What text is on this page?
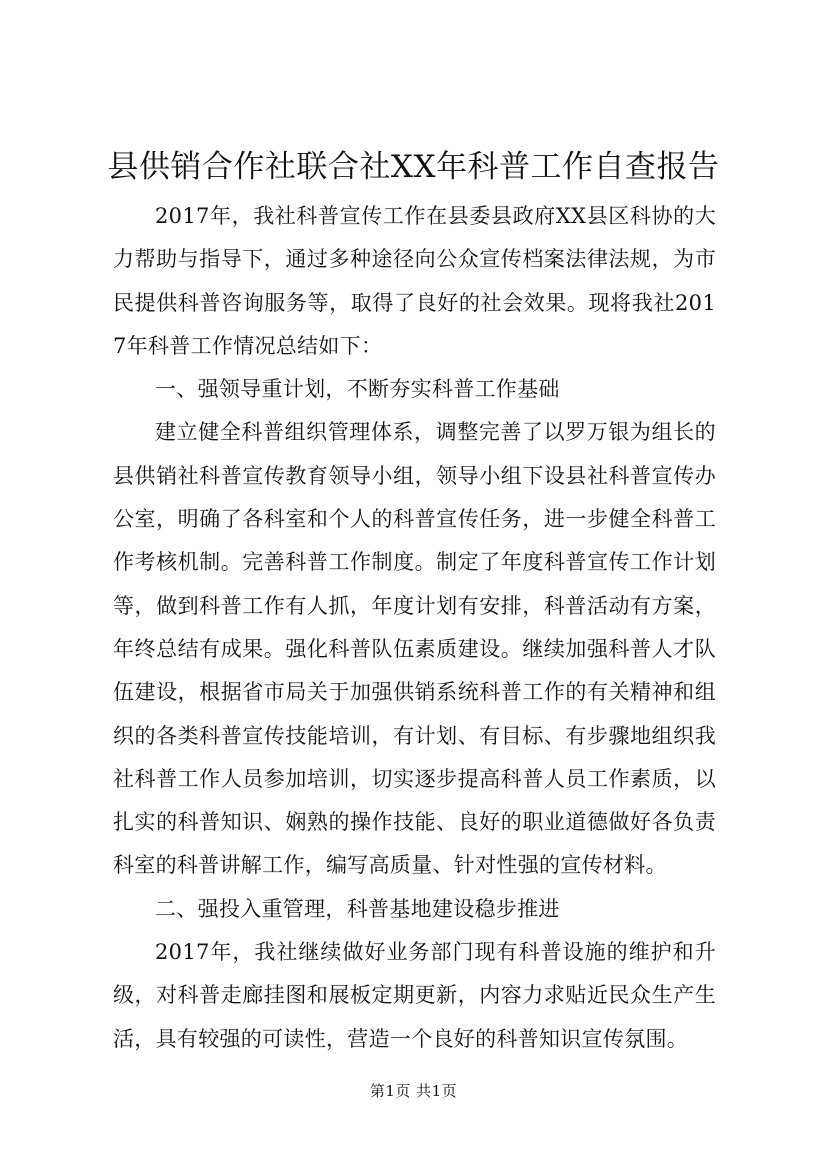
县供销合作社联合社XX年科普工作自查报告

2017年，我社科普宣传工作在县委县政府XX县区科协的大力帮助与指导下，通过多种途径向公众宣传档案法律法规，为市民提供科普咨询服务等，取得了良好的社会效果。现将我社2017年科普工作情况总结如下：

一、强领导重计划，不断夯实科普工作基础

建立健全科普组织管理体系，调整完善了以罗万银为组长的县供销社科普宣传教育领导小组，领导小组下设县社科普宣传办公室，明确了各科室和个人的科普宣传任务，进一步健全科普工作考核机制。完善科普工作制度。制定了年度科普宣传工作计划等，做到科普工作有人抓，年度计划有安排，科普活动有方案，年终总结有成果。强化科普队伍素质建设。继续加强科普人才队伍建设，根据省市局关于加强供销系统科普工作的有关精神和组织的各类科普宣传技能培训，有计划、有目标、有步骤地组织我社科普工作人员参加培训，切实逐步提高科普人员工作素质，以扎实的科普知识、娴熟的操作技能、良好的职业道德做好各负责科室的科普讲解工作，编写高质量、针对性强的宣传材料。

二、强投入重管理，科普基地建设稳步推进

2017年，我社继续做好业务部门现有科普设施的维护和升级，对科普走廊挂图和展板定期更新，内容力求贴近民众生产生活，具有较强的可读性，营造一个良好的科普知识宣传氛围。

第1页 共1页
